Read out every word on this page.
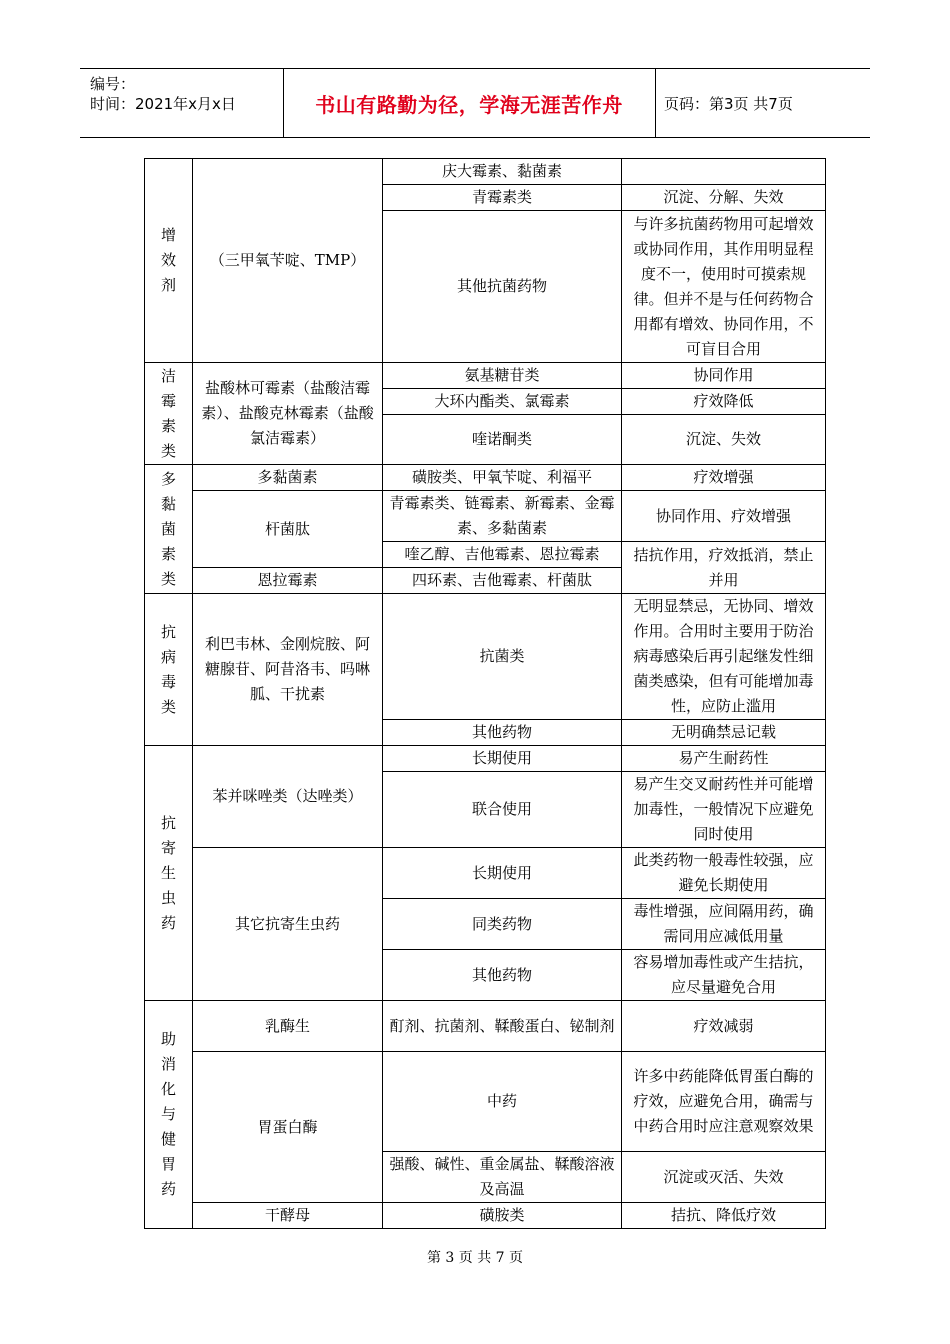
编号：
时间：2021年x月x日	书山有路勤为径，学海无涯苦作舟	页码：第3页 共7页
增效剂	（三甲氧苄啶、TMP）	庆大霉素、黏菌素	
		青霉素类	沉淀、分解、失效
		其他抗菌药物	与许多抗菌药物用可起增效或协同作用，其作用明显程度不一，使用时可摸索规律。但并不是与任何药物合用都有增效、协同作用，不可盲目合用

洁霉素类	盐酸林可霉素（盐酸洁霉素）、盐酸克林霉素（盐酸氯洁霉素）	氨基糖苷类	协同作用
		大环内酯类、氯霉素	疗效降低
		喹诺酮类	沉淀、失效

多黏菌素类	多黏菌素	磺胺类、甲氧苄啶、利福平	疗效增强
	杆菌肽	青霉素类、链霉素、新霉素、金霉素、多黏菌素	协同作用、疗效增强
		喹乙醇、吉他霉素、恩拉霉素	拮抗作用，疗效抵消，禁止并用
	恩拉霉素	四环素、吉他霉素、杆菌肽	

抗病毒类	利巴韦林、金刚烷胺、阿糖腺苷、阿昔洛韦、吗啉胍、干扰素	抗菌类	无明显禁忌，无协同、增效作用。合用时主要用于防治病毒感染后再引起继发性细菌类感染，但有可能增加毒性，应防止滥用
		其他药物	无明确禁忌记载

抗寄生虫药	苯并咪唑类（达唑类）	长期使用	易产生耐药性
		联合使用	易产生交叉耐药性并可能增加毒性，一般情况下应避免同时使用
	其它抗寄生虫药	长期使用	此类药物一般毒性较强，应避免长期使用
		同类药物	毒性增强，应间隔用药，确需同用应减低用量
		其他药物	容易增加毒性或产生拮抗，应尽量避免合用

助消化与健胃药	乳酶生	酊剂、抗菌剂、鞣酸蛋白、铋制剂	疗效减弱
	胃蛋白酶	中药	许多中药能降低胃蛋白酶的疗效，应避免合用，确需与中药合用时应注意观察效果
		强酸、碱性、重金属盐、鞣酸溶液及高温	沉淀或灭活、失效
	干酵母	磺胺类	拮抗、降低疗效
第 3 页 共 7 页
